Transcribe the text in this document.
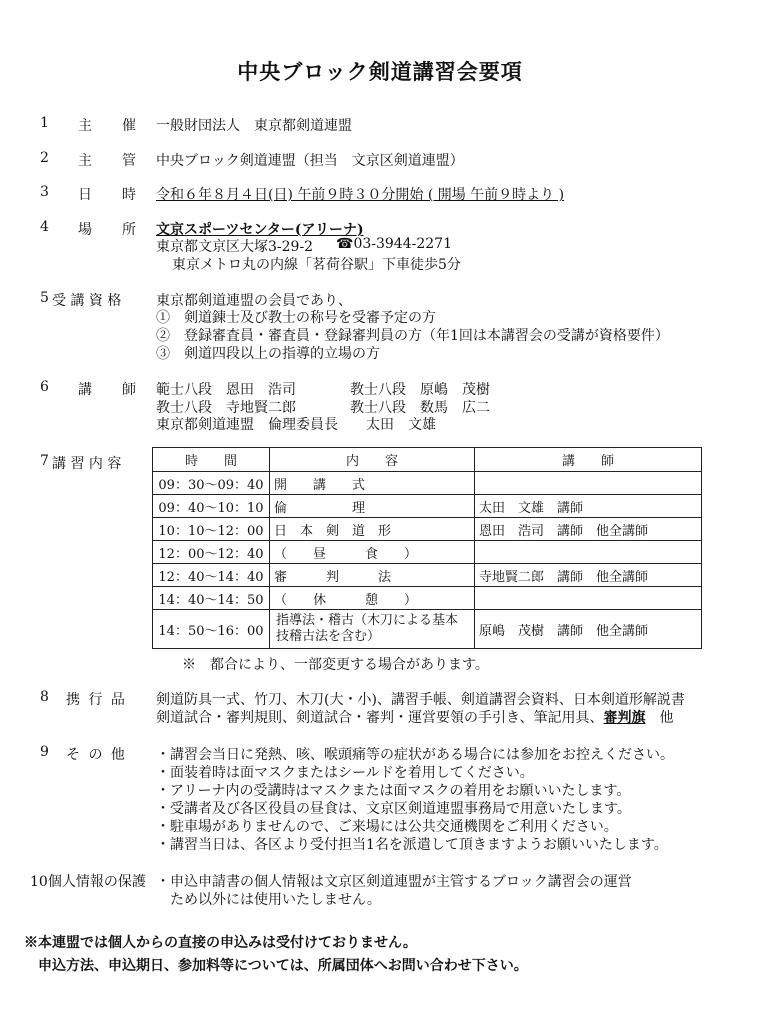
中央ブロック剣道講習会要項
1 主　催 一般財団法人　東京都剣道連盟
2 主　管 中央ブロック剣道連盟（担当　文京区剣道連盟）
3 日　時 令和６年８月４日(日) 午前９時３０分開始 ( 開場 午前９時より )
4 場　所 文京スポーツセンター(アリーナ)
東京都文京区大塚3-29-2 ☎03-3944-2271
東京メトロ丸の内線「茗荷谷駅」下車徒歩5分
5 受 講 資 格 東京都剣道連盟の会員であり、
①　剣道錬士及び教士の称号を受審予定の方
②　登録審査員・審査員・登録審判員の方（年1回は本講習会の受講が資格要件）
③　剣道四段以上の指導的立場の方
6 講　師 範士八段　恩田　浩司	教士八段　原嶋　茂樹
教士八段　寺地賢二郎	教士八段　数馬　広二
東京都剣道連盟　倫理委員長　　太田　文雄
7 講 習 内 容	時　　間	内　　容	講　　師
09：30〜09：40	開　　講　　式	
09：40〜10：10	倫　　　　　理	太田　文雄　講師
10：10〜12：00	日　本　剣　道　形	恩田　浩司　講師　他全講師
12：00〜12：40	（　　昼　　　食　　）	
12：40〜14：40	審　　　判　　　法	寺地賢二郎　講師　他全講師
14：40〜14：50	（　　休　　　憩　　）	
14：50〜16：00	指導法・稽古（木刀による基本技稽古法を含む）	原嶋　茂樹　講師　他全講師
※　都合により、一部変更する場合があります。
8 携 行 品 剣道防具一式、竹刀、木刀(大・小)、講習手帳、剣道講習会資料、日本剣道形解説書
剣道試合・審判規則、剣道試合・審判・運営要領の手引き、筆記用具、審判旗　他
9 そ の 他 ・講習会当日に発熱、咳、喉頭痛等の症状がある場合には参加をお控えください。
・面装着時は面マスクまたはシールドを着用してください。
・アリーナ内の受講時はマスクまたは面マスクの着用をお願いいたします。
・受講者及び各区役員の昼食は、文京区剣道連盟事務局で用意いたします。
・駐車場がありませんので、ご来場には公共交通機関をご利用ください。
・講習当日は、各区より受付担当1名を派遣して頂きますようお願いいたします。
10個人情報の保護 ・申込申請書の個人情報は文京区剣道連盟が主管するブロック講習会の運営
ため以外には使用いたしません。
※本連盟では個人からの直接の申込みは受付けておりません。
申込方法、申込期日、参加料等については、所属団体へお問い合わせ下さい。
